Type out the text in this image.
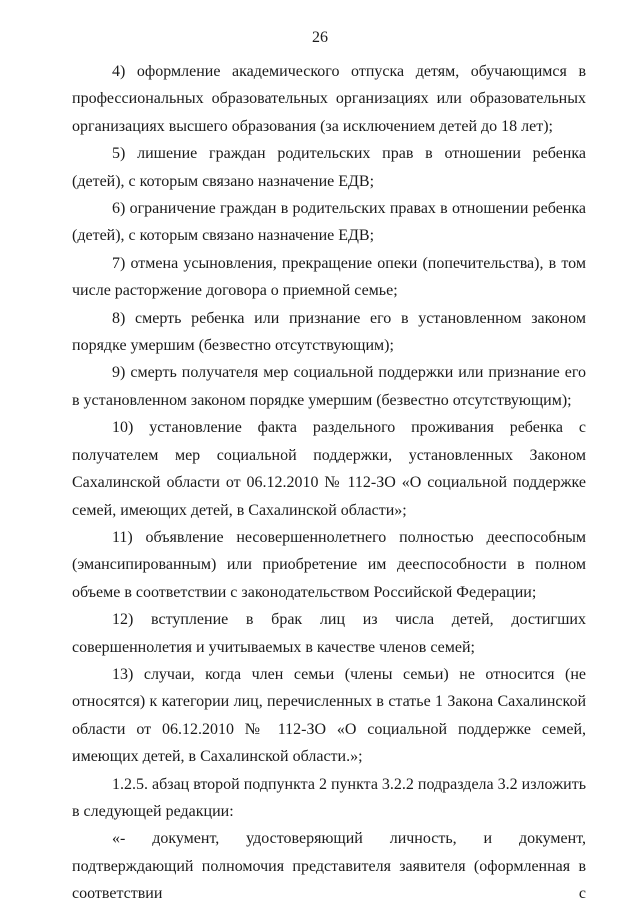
26

4) оформление академического отпуска детям, обучающимся в профессиональных образовательных организациях или образовательных организациях высшего образования (за исключением детей до 18 лет);

5) лишение граждан родительских прав в отношении ребенка (детей), с которым связано назначение ЕДВ;

6) ограничение граждан в родительских правах в отношении ребенка (детей), с которым связано назначение ЕДВ;

7) отмена усыновления, прекращение опеки (попечительства), в том числе расторжение договора о приемной семье;

8) смерть ребенка или признание его в установленном законом порядке умершим (безвестно отсутствующим);

9) смерть получателя мер социальной поддержки или признание его в установленном законом порядке умершим (безвестно отсутствующим);

10) установление факта раздельного проживания ребенка с получателем мер социальной поддержки, установленных Законом Сахалинской области от 06.12.2010 № 112-ЗО «О социальной поддержке семей, имеющих детей, в Сахалинской области»;

11) объявление несовершеннолетнего полностью дееспособным (эмансипированным) или приобретение им дееспособности в полном объеме в соответствии с законодательством Российской Федерации;

12) вступление в брак лиц из числа детей, достигших совершеннолетия и учитываемых в качестве членов семей;

13) случаи, когда член семьи (члены семьи) не относится (не относятся) к категории лиц, перечисленных в статье 1 Закона Сахалинской области от 06.12.2010 № 112-ЗО «О социальной поддержке семей, имеющих детей, в Сахалинской области.»;

1.2.5. абзац второй подпункта 2 пункта 3.2.2 подраздела 3.2 изложить в следующей редакции:

«- документ, удостоверяющий личность, и документ, подтверждающий полномочия представителя заявителя (оформленная в соответствии с
